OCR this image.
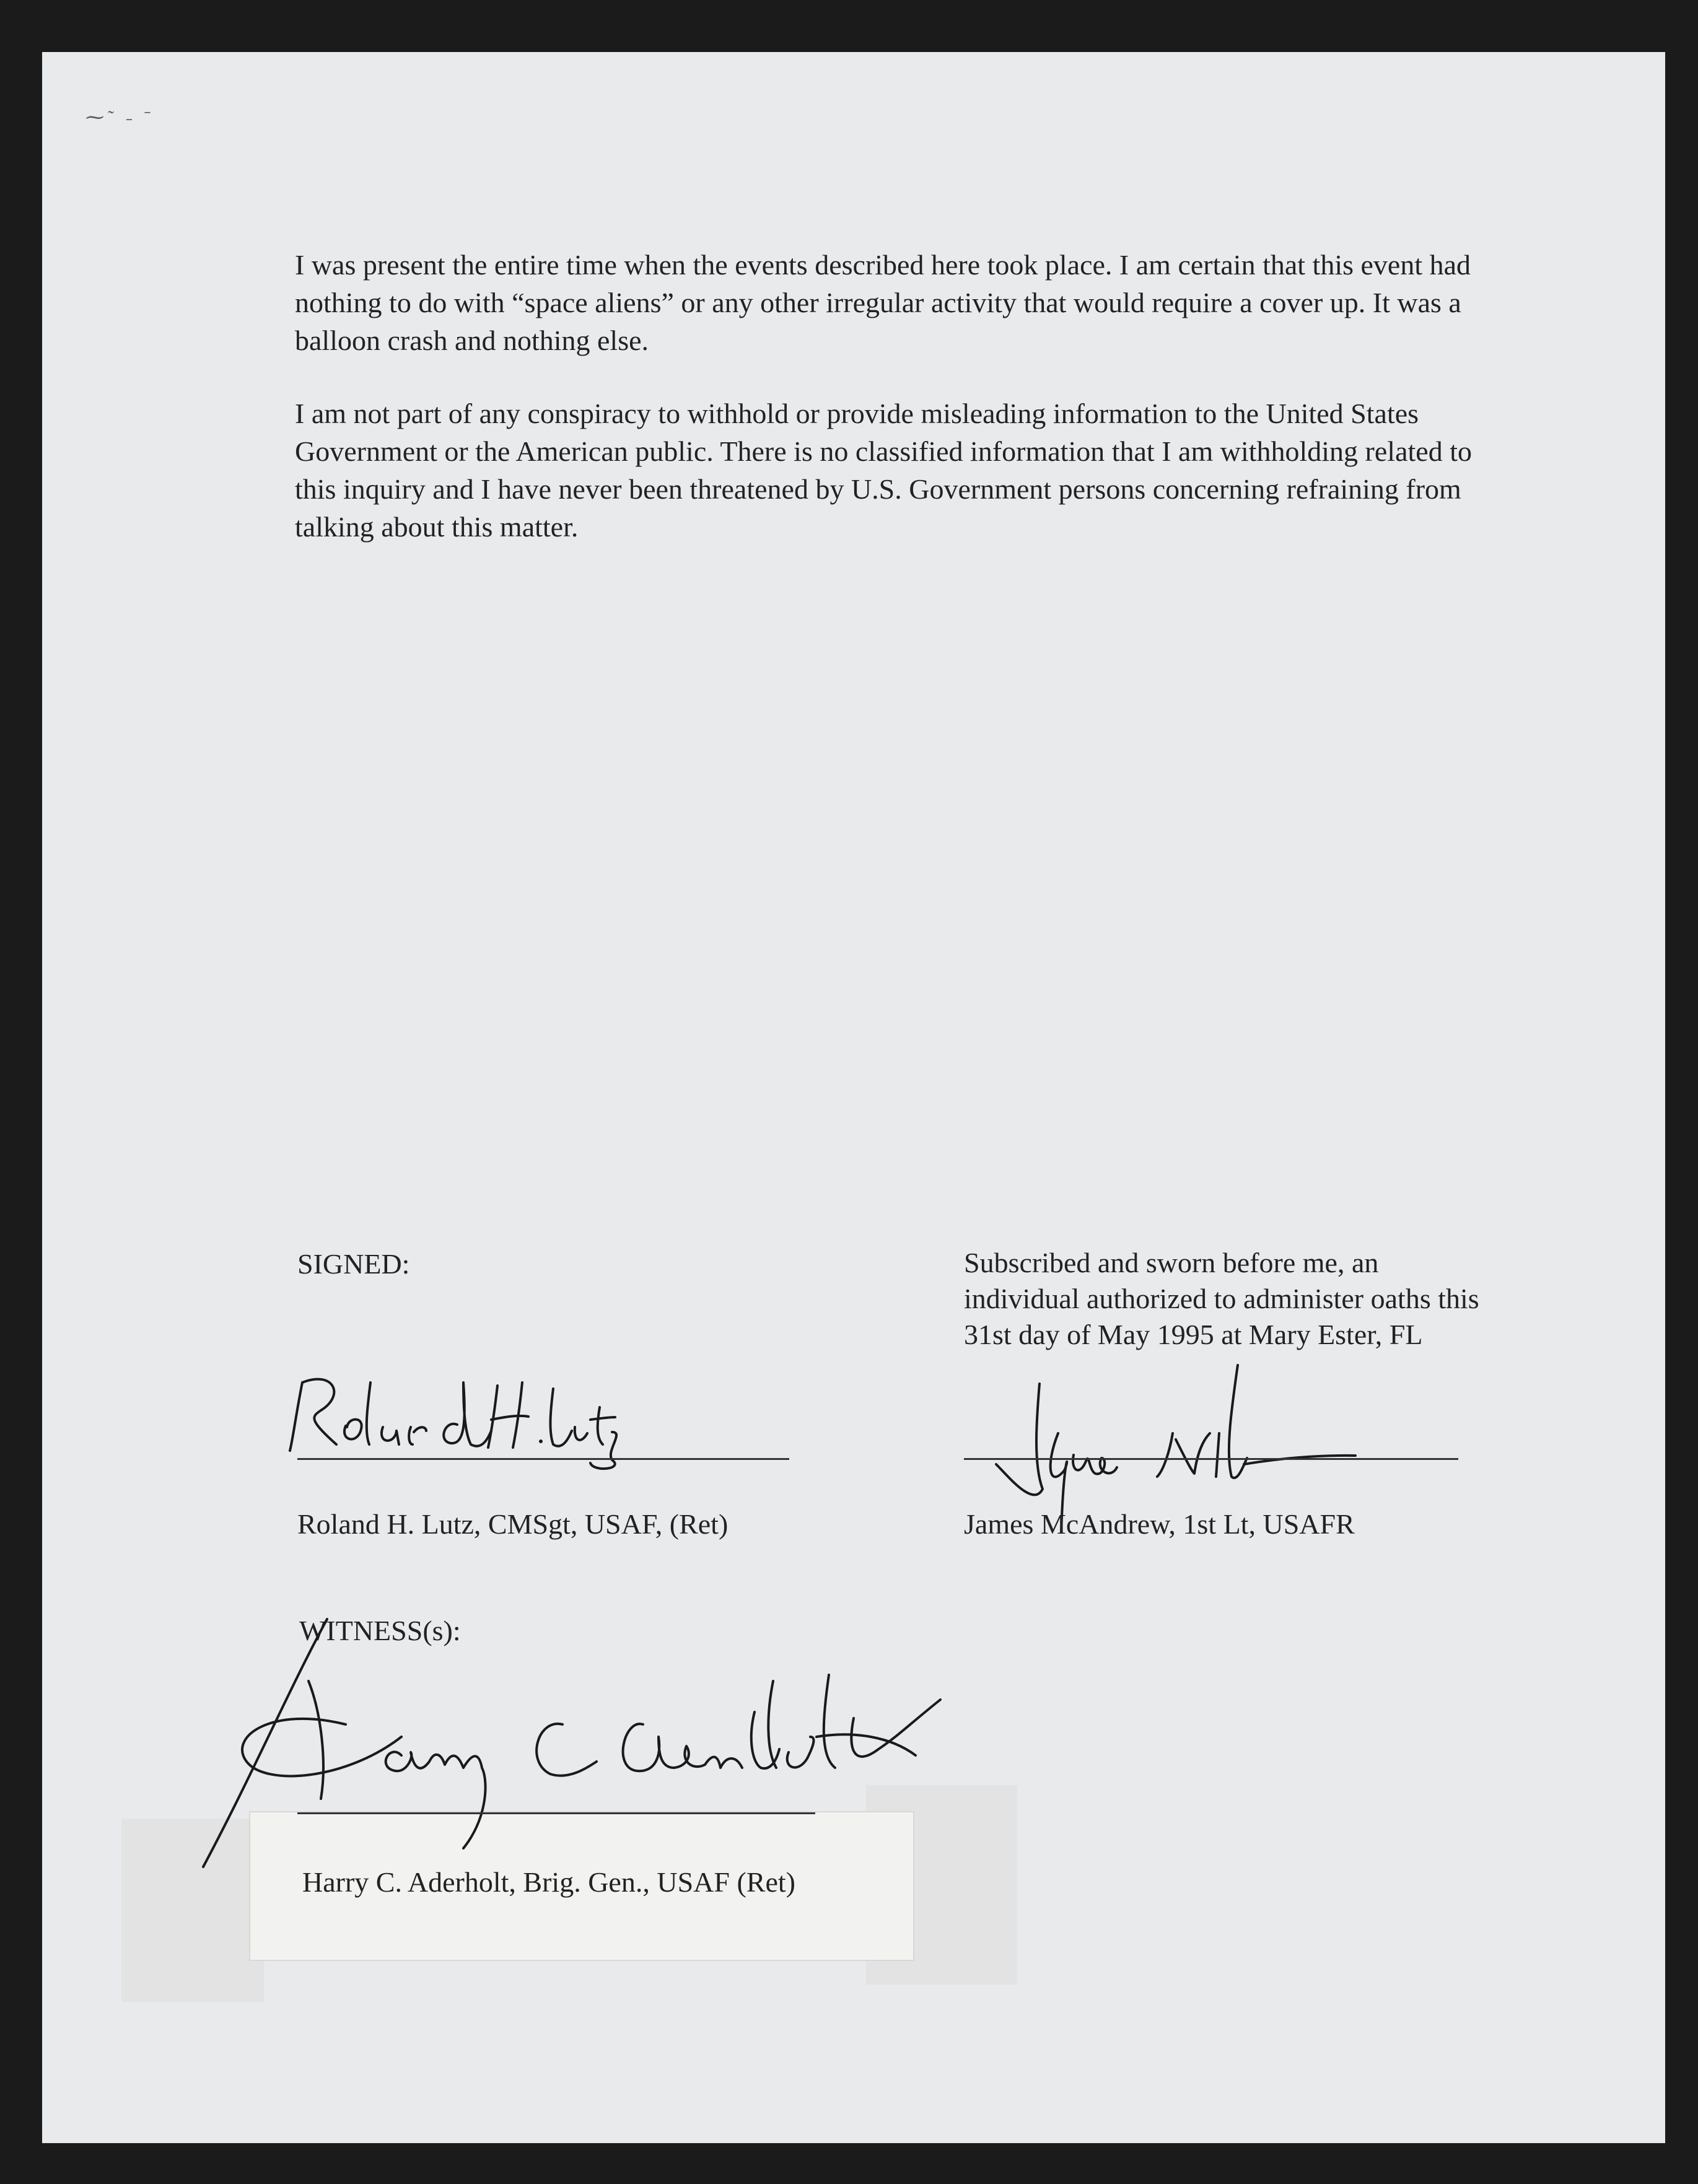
⁓˜ ˗ ˉ

I was present the entire time when the events described here took place. I am certain that this event had nothing to do with “space aliens” or any other irregular activity that would require a cover up. It was a balloon crash and nothing else.

I am not part of any conspiracy to withhold or provide misleading information to the United States Government or the American public. There is no classified information that I am withholding related to this inquiry and I have never been threatened by U.S. Government persons concerning refraining from talking about this matter.

SIGNED:	Subscribed and sworn before me, an individual authorized to administer oaths this 31st day of May 1995 at Mary Ester, FL

Roland H. Lutz, CMSgt, USAF, (Ret)	James McAndrew, 1st Lt, USAFR

WITNESS(s):

Harry C. Aderholt, Brig. Gen., USAF (Ret)
